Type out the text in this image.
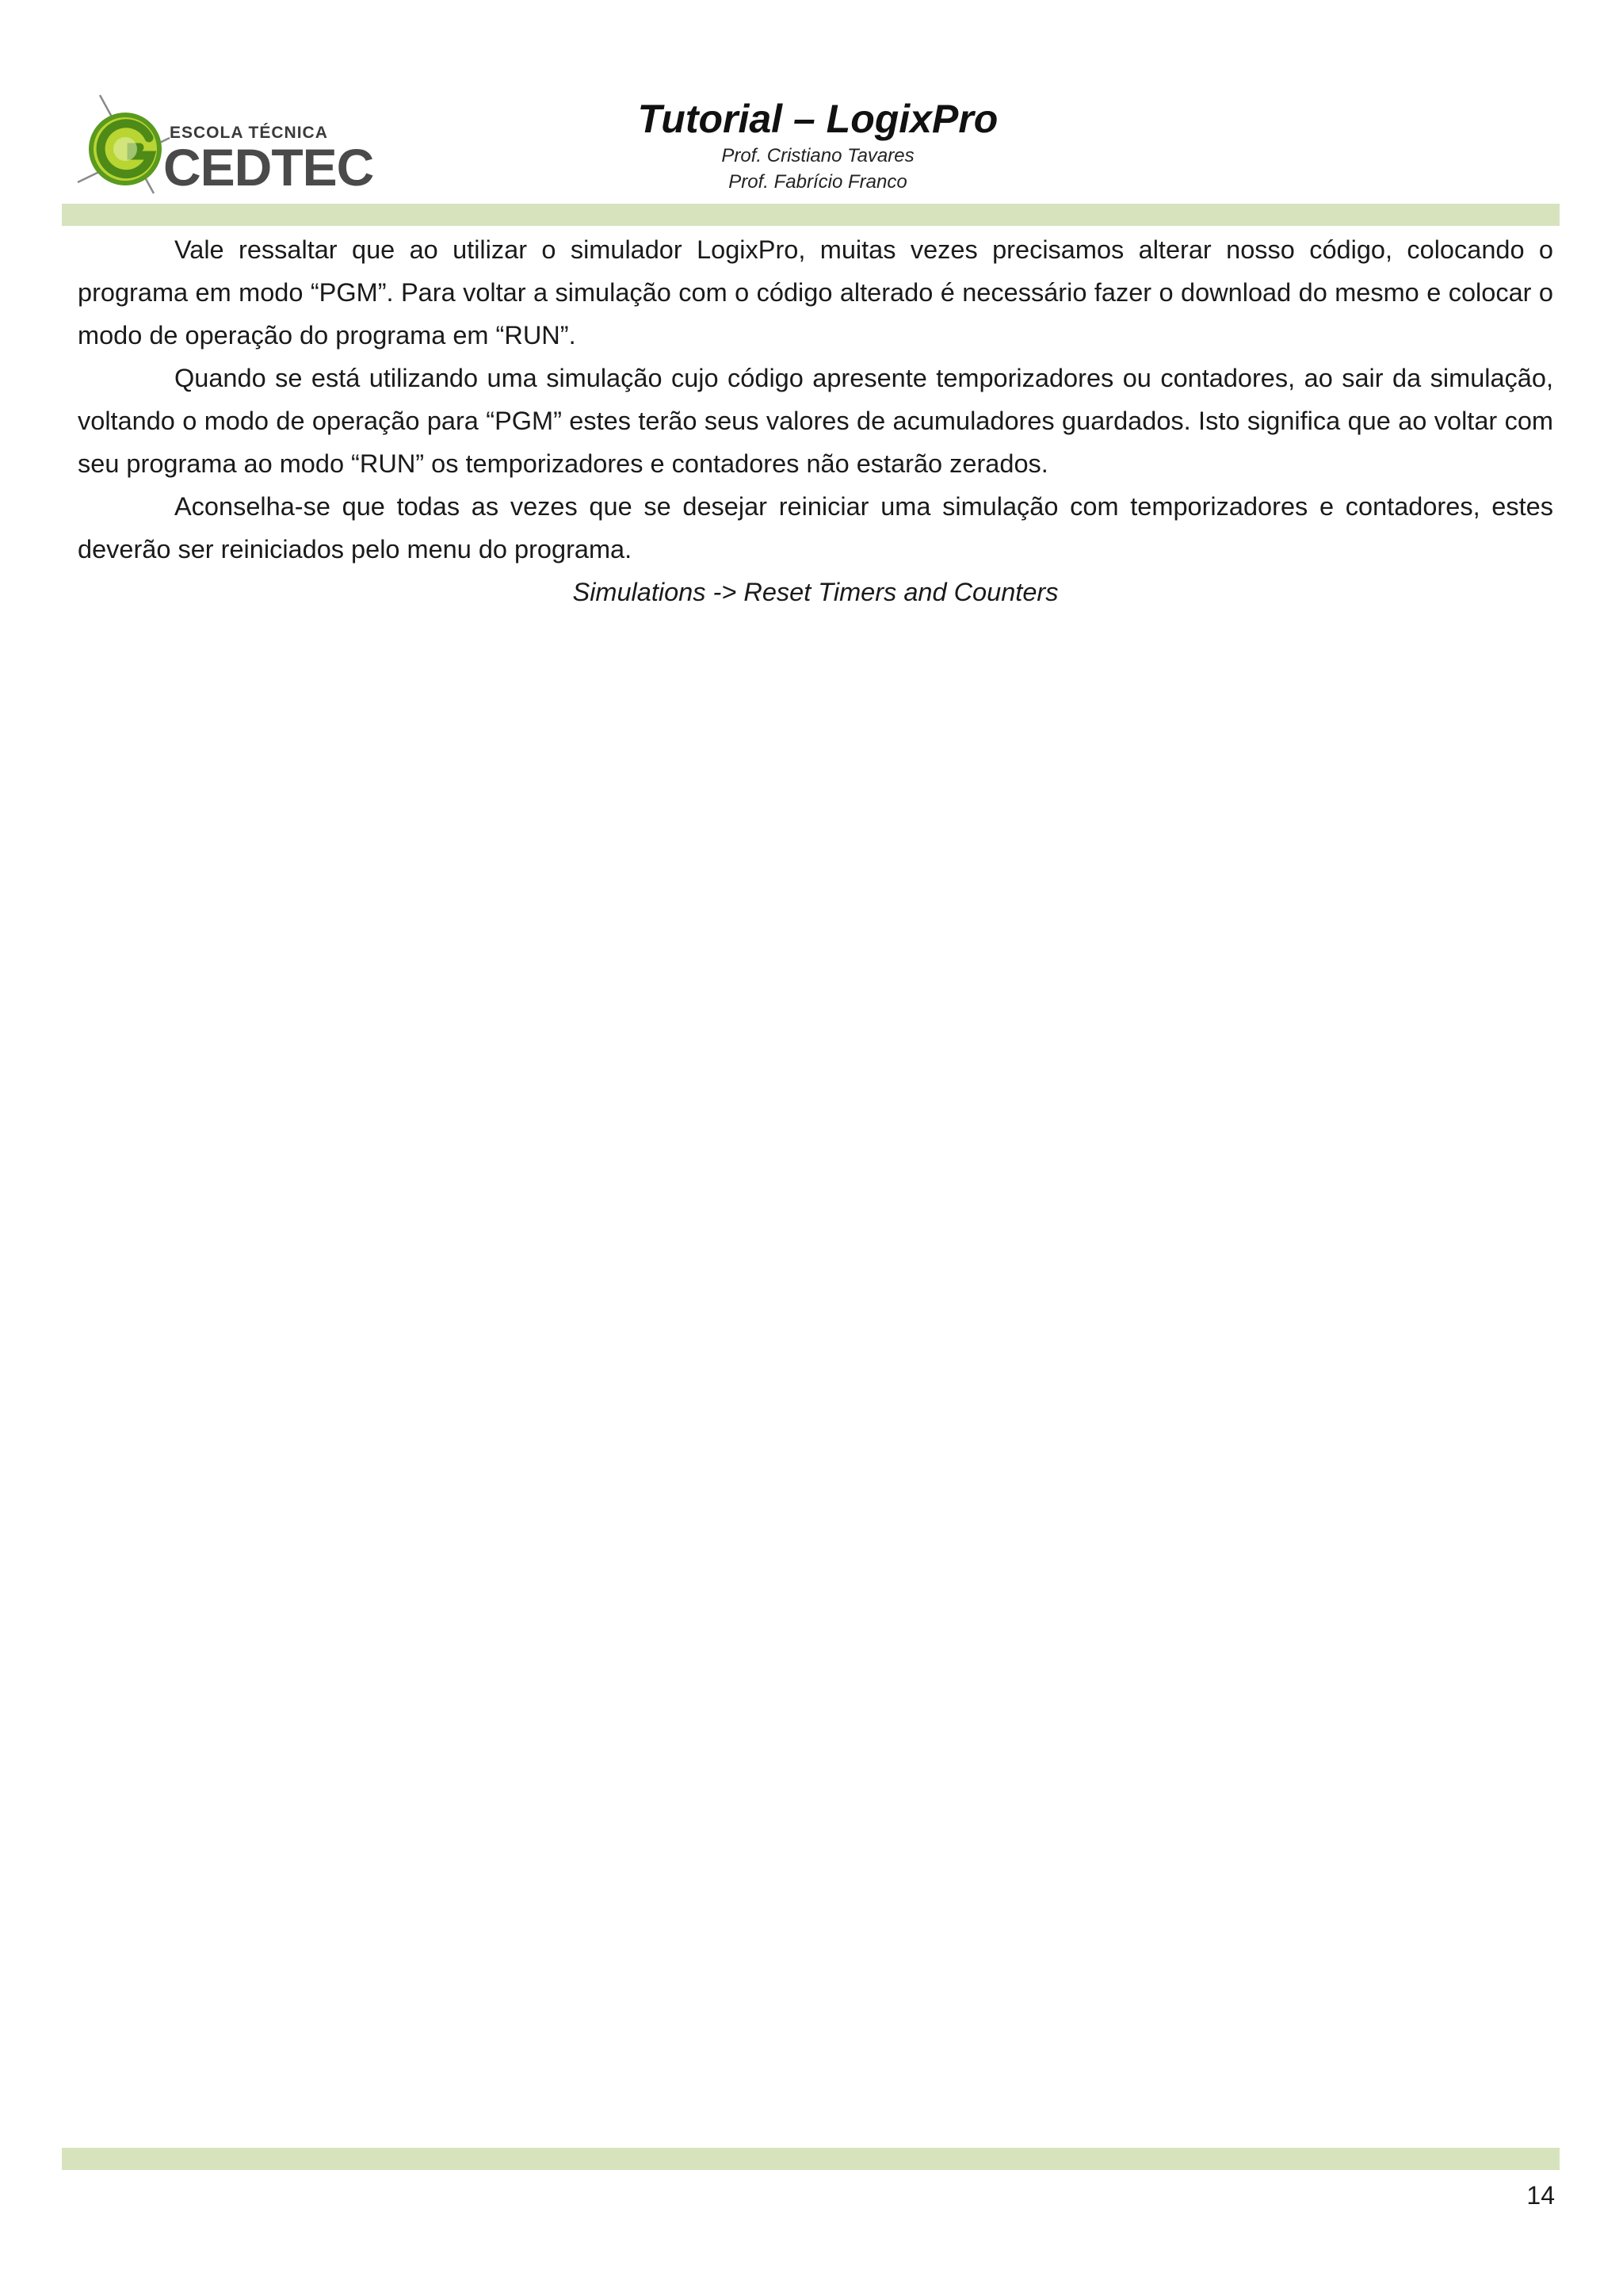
ESCOLA TÉCNICA
CEDTEC
Tutorial – LogixPro

Prof. Cristiano Tavares

Prof. Fabrício Franco

Vale ressaltar que ao utilizar o simulador LogixPro, muitas vezes precisamos alterar nosso código, colocando o programa em modo “PGM”. Para voltar a simulação com o código alterado é necessário fazer o download do mesmo e colocar o modo de operação do programa em “RUN”.

Quando se está utilizando uma simulação cujo código apresente temporizadores ou contadores, ao sair da simulação, voltando o modo de operação para “PGM” estes terão seus valores de acumuladores guardados. Isto significa que ao voltar com seu programa ao modo “RUN” os temporizadores e contadores não estarão zerados.

Aconselha-se que todas as vezes que se desejar reiniciar uma simulação com temporizadores e contadores, estes deverão ser reiniciados pelo menu do programa.

Simulations -> Reset Timers and Counters

14
